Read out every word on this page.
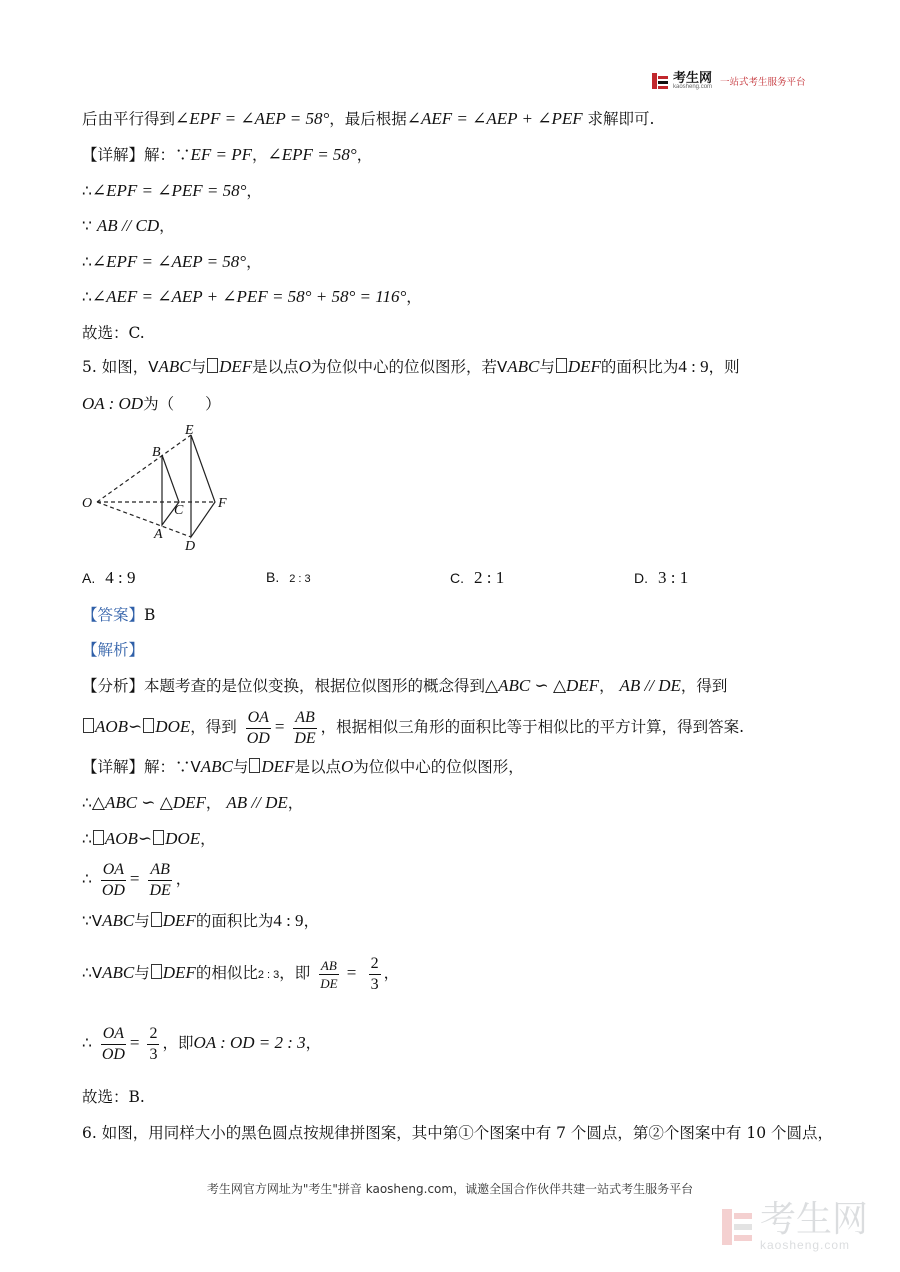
考生网
kaosheng.com 一站式考生服务平台
后由平行得到∠EPF = ∠AEP = 58°，最后根据∠AEF = ∠AEP + ∠PEF 求解即可.
【详解】解：∵EF = PF，∠EPF = 58°，
∴∠EPF = ∠PEF = 58°，
∵ AB // CD，
∴∠EPF = ∠AEP = 58°，
∴∠AEF = ∠AEP + ∠PEF = 58° + 58° = 116°，
故选：C.
5. 如图，VABC与 DEF是以点O为位似中心的位似图形，若VABC与 DEF的面积比为4 : 9，则
OA : OD为（　　）
E
B
O	C F
A
D
A. 4 : 9	B. 2 : 3	C. 2 : 1	D. 3 : 1
【答案】B
【解析】
【分析】本题考查的是位似变换，根据位似图形的概念得到△ABC ∽ △DEF， AB // DE，得到
AOB∽ DOE，得到 $\frac{OA}{OD} = \frac{AB}{DE}$ ，根据相似三角形的面积比等于相似比的平方计算，得到答案.
【详解】解：∵VABC与 DEF是以点O为位似中心的位似图形，
∴△ABC ∽ △DEF， AB // DE，
∴ AOB∽ DOE，
∴ $\frac{OA}{OD} = \frac{AB}{DE}$ ，
∵VABC与 DEF的面积比为4 : 9，
∴VABC与 DEF的相似比2 : 3，即 $\frac{AB}{DE} = \frac{2}{3}$ ，
∴ $\frac{OA}{OD} = \frac{2}{3}$ ，即OA : OD = 2 : 3，
故选：B.
6. 如图，用同样大小的黑色圆点按规律拼图案，其中第①个图案中有 7 个圆点，第②个图案中有 10 个圆点，
考生网官方网址为"考生"拼音 kaosheng.com，诚邀全国合作伙伴共建一站式考生服务平台
考生网
kaosheng.com
